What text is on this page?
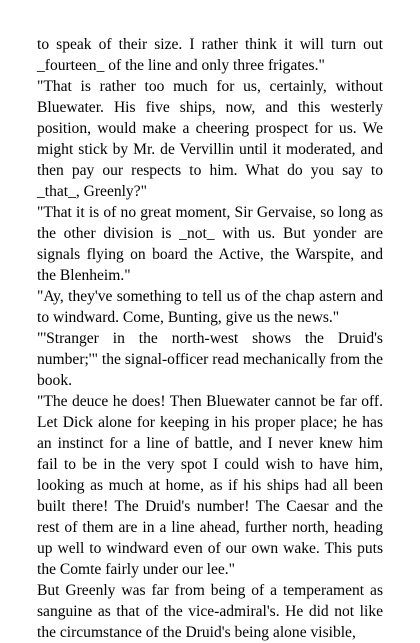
to speak of their size. I rather think it will turn out _fourteen_ of the line and only three frigates."

"That is rather too much for us, certainly, without Bluewater. His five ships, now, and this westerly position, would make a cheering prospect for us. We might stick by Mr. de Vervillin until it moderated, and then pay our respects to him. What do you say to _that_, Greenly?"

"That it is of no great moment, Sir Gervaise, so long as the other division is _not_ with us. But yonder are signals flying on board the Active, the Warspite, and the Blenheim."

"Ay, they've something to tell us of the chap astern and to windward. Come, Bunting, give us the news."

"'Stranger in the north-west shows the Druid's number;'" the signal-officer read mechanically from the book.

"The deuce he does! Then Bluewater cannot be far off. Let Dick alone for keeping in his proper place; he has an instinct for a line of battle, and I never knew him fail to be in the very spot I could wish to have him, looking as much at home, as if his ships had all been built there! The Druid's number! The Caesar and the rest of them are in a line ahead, further north, heading up well to windward even of our own wake. This puts the Comte fairly under our lee."

But Greenly was far from being of a temperament as sanguine as that of the vice-admiral's. He did not like the circumstance of the Druid's being alone visible,
